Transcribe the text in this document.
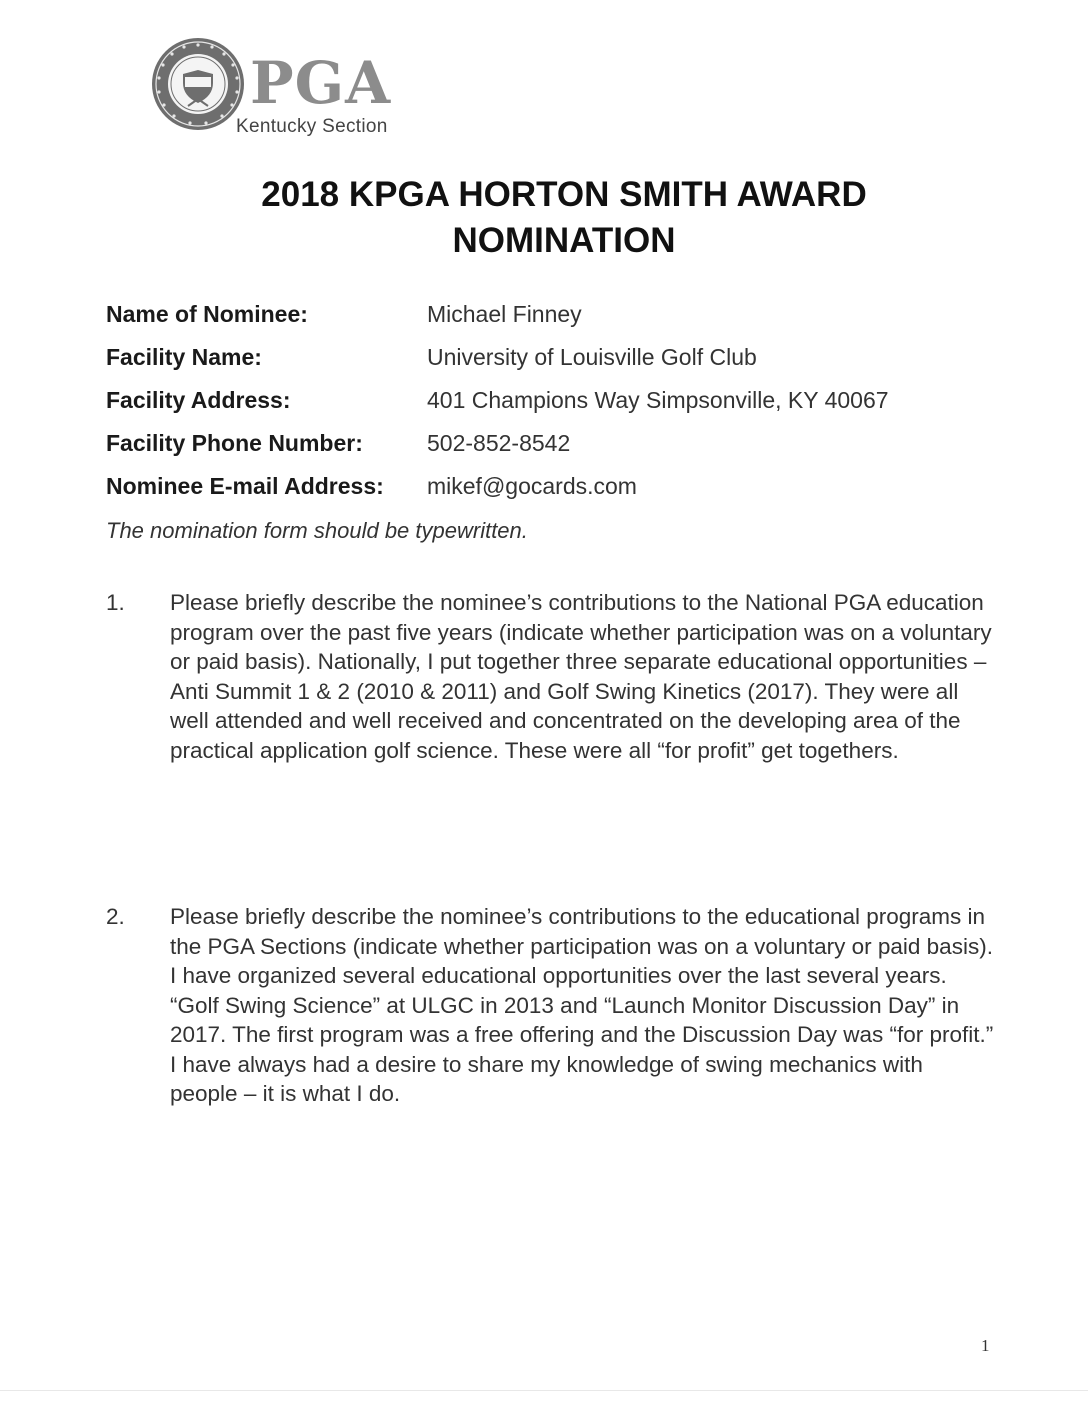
PGA
Kentucky Section
2018 KPGA HORTON SMITH AWARD
NOMINATION
Name of Nominee:	Michael Finney
Facility Name:	University of Louisville Golf Club
Facility Address:	401 Champions Way Simpsonville, KY 40067
Facility Phone Number:	502-852-8542
Nominee E-mail Address: mikef@gocards.com
The nomination form should be typewritten.
1. Please briefly describe the nominee’s contributions to the National PGA education program over the past five years (indicate whether participation was on a voluntary or paid basis). Nationally, I put together three separate educational opportunities – Anti Summit 1 & 2 (2010 & 2011) and Golf Swing Kinetics (2017). They were all well attended and well received and concentrated on the developing area of the practical application golf science. These were all “for profit” get togethers.
2. Please briefly describe the nominee’s contributions to the educational programs in the PGA Sections (indicate whether participation was on a voluntary or paid basis). I have organized several educational opportunities over the last several years. “Golf Swing Science” at ULGC in 2013 and “Launch Monitor Discussion Day” in 2017. The first program was a free offering and the Discussion Day was “for profit.” I have always had a desire to share my knowledge of swing mechanics with people – it is what I do.
1
